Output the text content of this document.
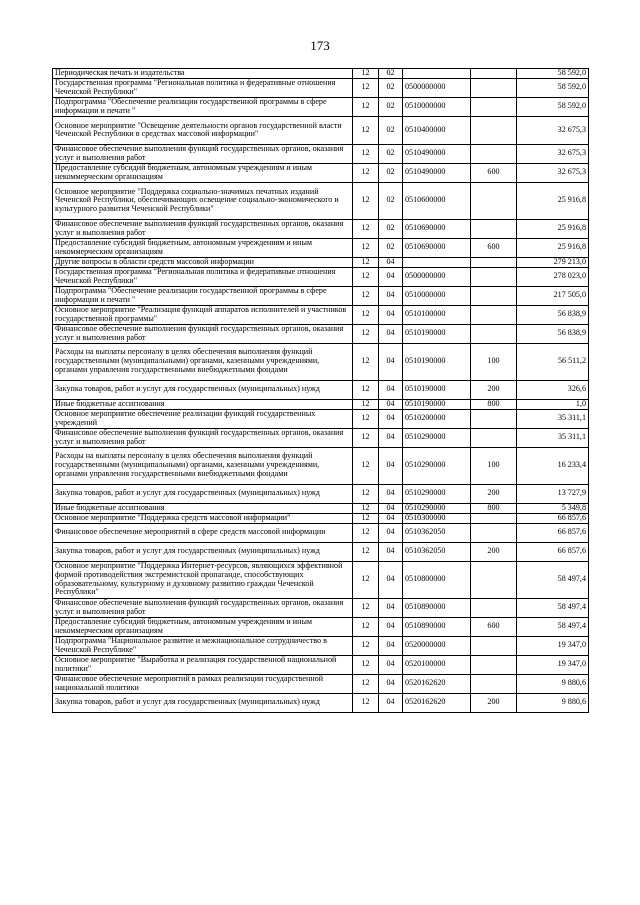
173
Периодическая печать и издательства	12	02			58 592,0
Государственная программа "Региональная политика и федеративные отношения Чеченской Республики"	12	02	0500000000		58 592,0
Подпрограмма "Обеспечение реализации государственной программы в сфере информации и печати "	12	02	0510000000		58 592,0
Основное мероприятие "Освещение деятельности органов государственной власти Чеченской Республики в средствах массовой информации"	12	02	0510400000		32 675,3
Финансовое обеспечение выполнения функций государственных органов, оказания услуг и выполнения работ	12	02	0510490000		32 675,3
Предоставление субсидий бюджетным, автономным учреждениям и иным некоммерческим организациям	12	02	0510490000	600	32 675,3
Основное мероприятие "Поддержка социально-значимых печатных изданий Чеченской Республики, обеспечивающих освещение социально-экономического и культурного развития Чеченской Республики"	12	02	0510600000		25 916,8
Финансовое обеспечение выполнения функций государственных органов, оказания услуг и выполнения работ	12	02	0510690000		25 916,8
Предоставление субсидий бюджетным, автономным учреждениям и иным некоммерческим организациям	12	02	0510690000	600	25 916,8
Другие вопросы в области средств массовой информации	12	04			279 213,0
Государственная программа "Региональная политика и федеративные отношения Чеченской Республики"	12	04	0500000000		278 023,0
Подпрограмма "Обеспечение реализации государственной программы в сфере информации и печати "	12	04	0510000000		217 505,0
Основное мероприятие "Реализация функций аппаратов исполнителей и участников государственной программы"	12	04	0510100000		56 838,9
Финансовое обеспечение выполнения функций государственных органов, оказания услуг и выполнения работ	12	04	0510190000		56 838,9
Расходы на выплаты персоналу в целях обеспечения выполнения функций государственными (муниципальными) органами, казенными учреждениями, органами управления государственными внебюджетными фондами	12	04	0510190000	100	56 511,2
Закупка товаров, работ и услуг для государственных (муниципальных) нужд	12	04	0510190000	200	326,6
Иные бюджетные ассигнования	12	04	0510190000	800	1,0
Основное мероприятие обеспечение реализации функций государственных учреждений	12	04	0510200000		35 311,1
Финансовое обеспечение выполнения функций государственных органов, оказания услуг и выполнения работ	12	04	0510290000		35 311,1
Расходы на выплаты персоналу в целях обеспечения выполнения функций государственными (муниципальными) органами, казенными учреждениями, органами управления государственными внебюджетными фондами	12	04	0510290000	100	16 233,4
Закупка товаров, работ и услуг для государственных (муниципальных) нужд	12	04	0510290000	200	13 727,9
Иные бюджетные ассигнования	12	04	0510290000	800	5 349,8
Основное мероприятие "Поддержка средств массовой информации"	12	04	0510300000		66 857,6
Финансовое обеспечение мероприятий в сфере средств массовой информации	12	04	0510362050		66 857,6
Закупка товаров, работ и услуг для государственных (муниципальных) нужд	12	04	0510362050	200	66 857,6
Основное мероприятие "Поддержка Интернет-ресурсов, являющихся эффективной формой противодействия экстремистской пропаганде, способствующих образовательному, культурному и духовному развитию граждан Чеченской Республики"	12	04	0510800000		58 497,4
Финансовое обеспечение выполнения функций государственных органов, оказания услуг и выполнения работ	12	04	0510890000		58 497,4
Предоставление субсидий бюджетным, автономным учреждениям и иным некоммерческим организациям	12	04	0510890000	600	58 497,4
Подпрограмма "Национальное развитие и межнациональное сотрудничество в Чеченской Республике"	12	04	0520000000		19 347,0
Основное мероприятие "Выработка и реализация государственной национальной политики"	12	04	0520100000		19 347,0
Финансовое обеспечение мероприятий в рамках реализации государственной национальной политики	12	04	0520162620		9 880,6
Закупка товаров, работ и услуг для государственных (муниципальных) нужд	12	04	0520162620	200	9 880,6
